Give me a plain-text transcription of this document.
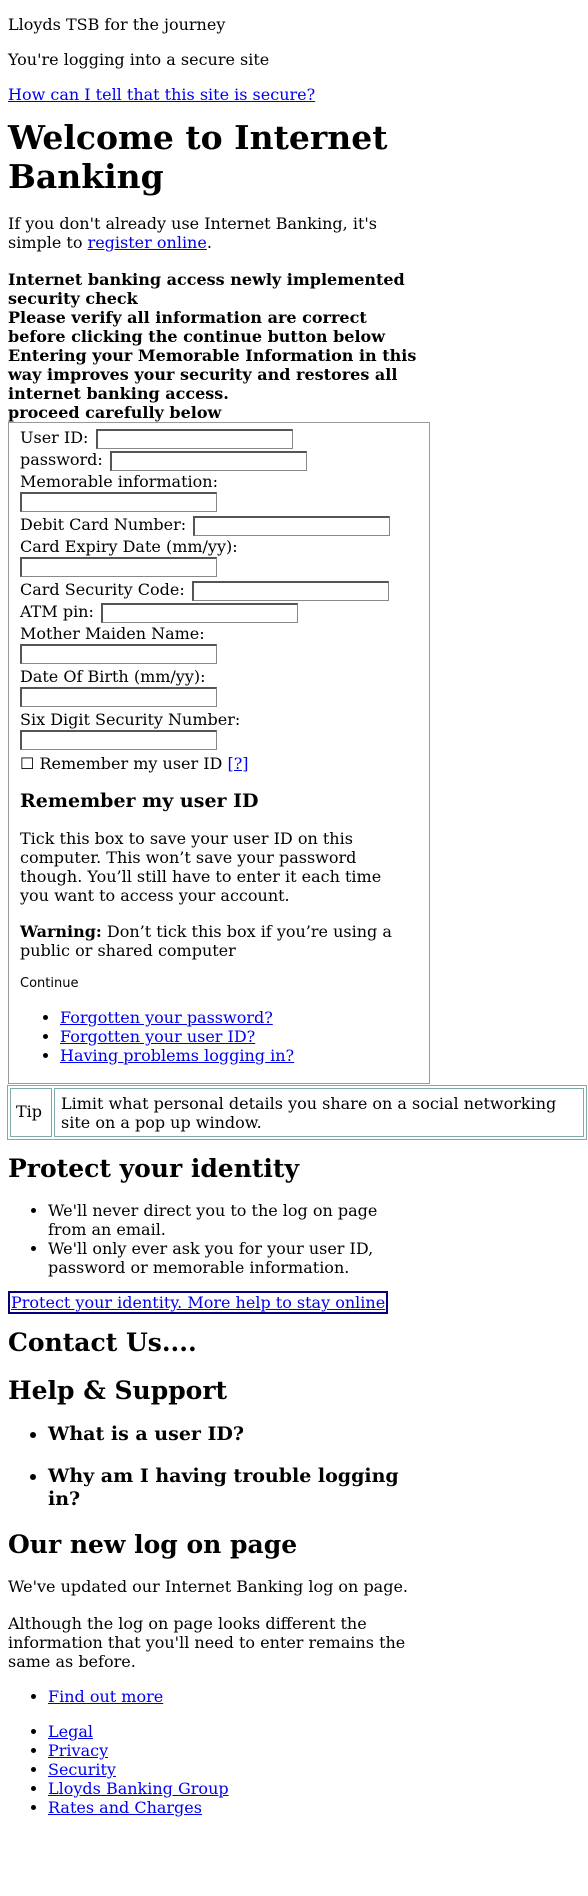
Lloyds TSB for the journey

You're logging into a secure site

How can I tell that this site is secure?
Welcome to Internet Banking

If you don't already use Internet Banking, it's simple to register online.

Internet banking access newly implemented security check
Please verify all information are correct before clicking the continue button below
Entering your Memorable Information in this way improves your security and restores all internet banking access.
proceed carefully below
User ID:
password:
Memorable information:
Debit Card Number:
Card Expiry Date (mm/yy):
Card Security Code:
ATM pin:
Mother Maiden Name:
Date Of Birth (mm/yy):
Six Digit Security Number:
☐ Remember my user ID [?]
Remember my user ID

Tick this box to save your user ID on this computer. This won’t save your password though. You’ll still have to enter it each time you want to access your account.

Warning: Don’t tick this box if you’re using a public or shared computer

Continue
• Forgotten your password?
• Forgotten your user ID?
• Having problems logging in?
Tip	Limit what personal details you share on a social networking site on a pop up window.
Protect your identity
• We'll never direct you to the log on page from an email.
• We'll only ever ask you for your user ID, password or memorable information.
Protect your identity. More help to stay online
Contact Us....
Help & Support
• What is a user ID?
• Why am I having trouble logging in?
Our new log on page

We've updated our Internet Banking log on page.

Although the log on page looks different the information that you'll need to enter remains the same as before.

• Find out more
• Legal
• Privacy
• Security
• Lloyds Banking Group
• Rates and Charges
